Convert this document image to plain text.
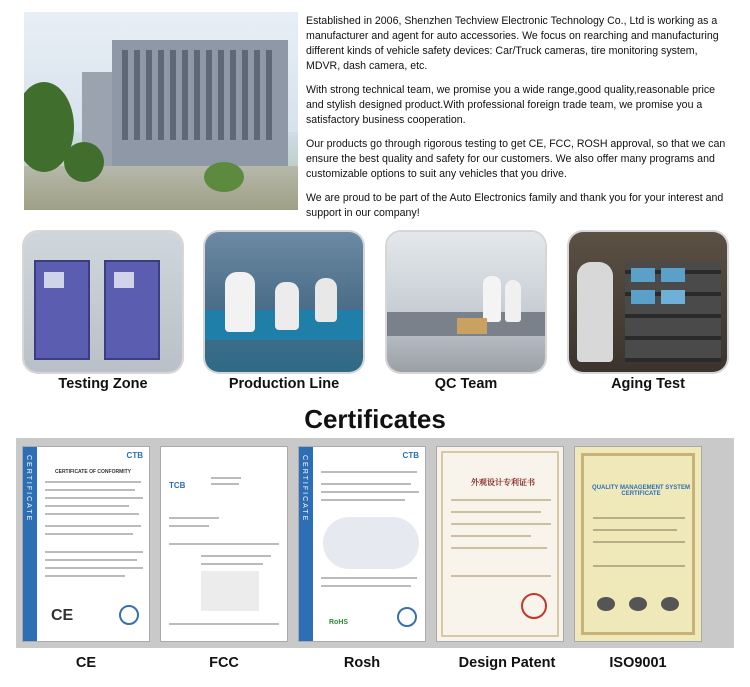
Established in 2006, Shenzhen Techview Electronic Technology Co., Ltd is working as a manufacturer and agent for auto accessories. We focus on rearching and manufacturing different kinds of vehicle safety devices: Car/Truck cameras, tire monitoring system, MDVR, dash camera, etc.

With strong technical team, we promise you a wide range,good quality,reasonable price and stylish designed product.With professional foreign trade team, we promise you a satisfactory business cooperation.

Our products go through rigorous testing to get CE, FCC, ROSH approval, so that we can ensure the best quality and safety for our customers. We also offer many programs and customizable options to suit any vehicles that you drive.

We are proud to be part of the Auto Electronics family and thank you for your interest and support in our company!

Testing Zone	Production Line	QC Team	Aging Test
Certificates
CERTIFICATE	CTB
CERTIFICATE OF CONFORMITY
CE
TCB	CERTIFICATE	CTB
RoHS
外观设计专利证书
QUALITY MANAGEMENT SYSTEM CERTIFICATE
CE	FCC	Rosh	Design Patent	ISO9001
